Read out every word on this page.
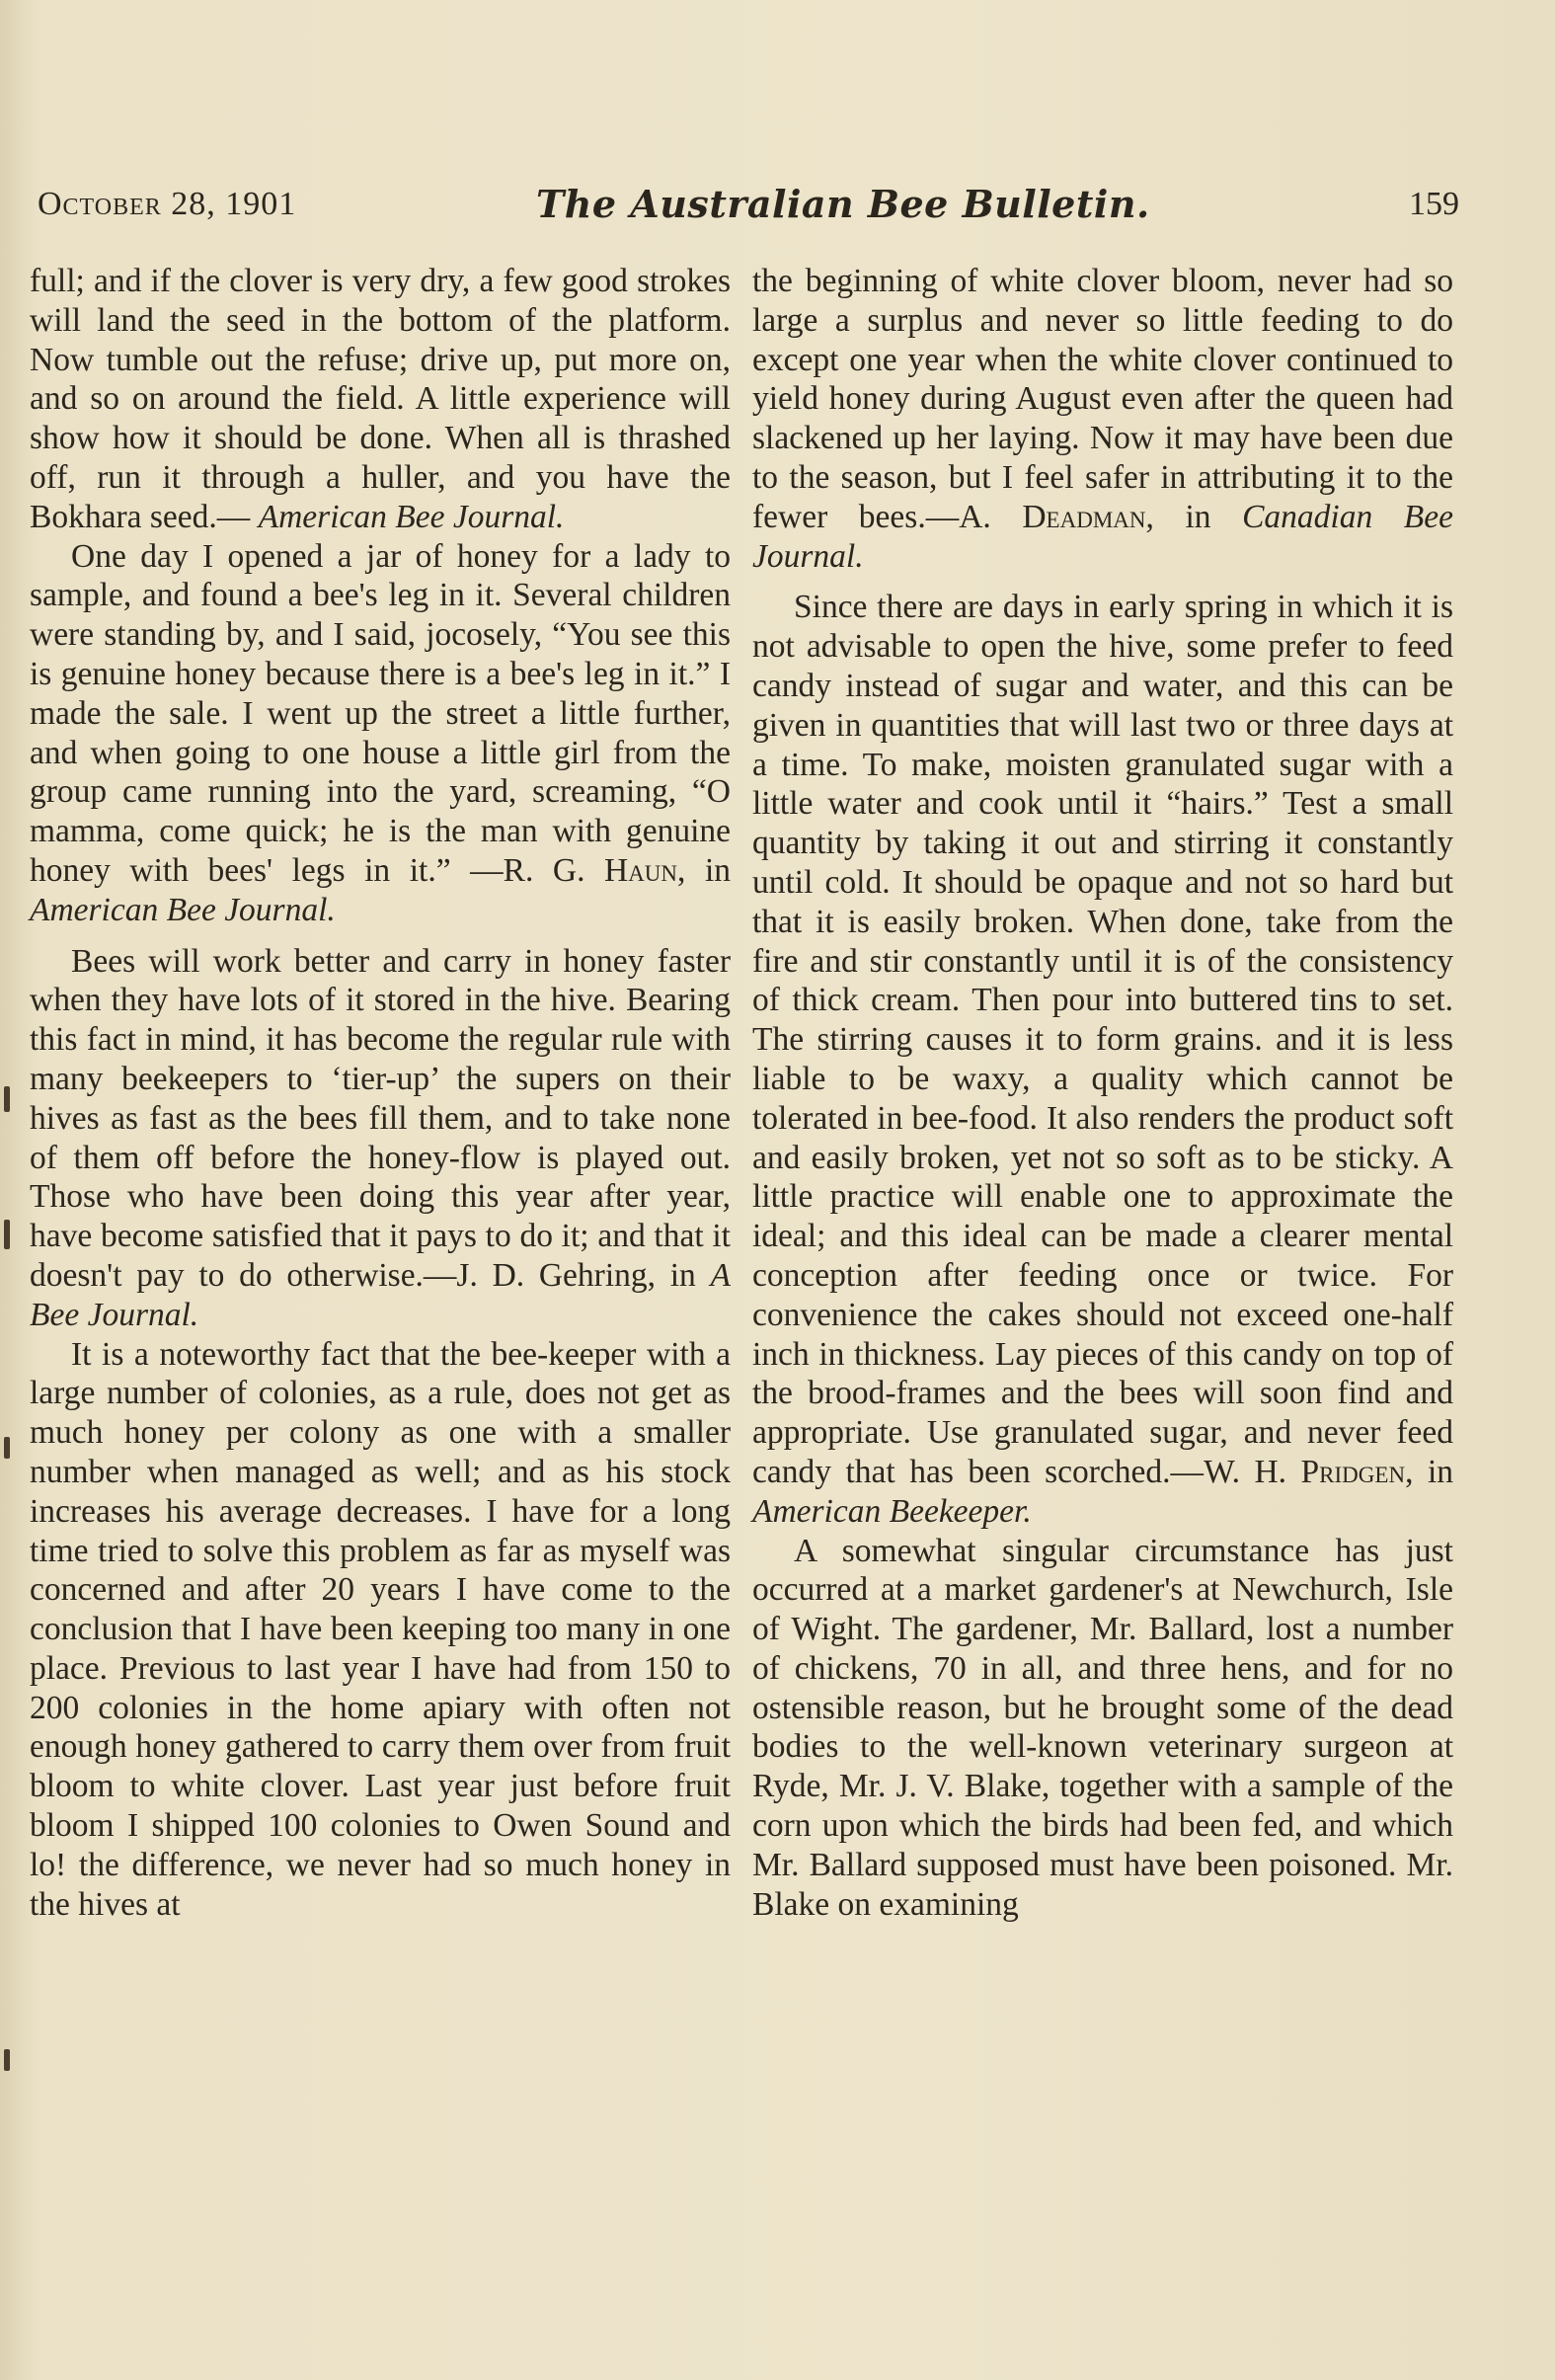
October 28, 1901	The Australian Bee Bulletin.	159

full; and if the clover is very dry, a few good strokes will land the seed in the bottom of the platform. Now tumble out the refuse; drive up, put more on, and so on around the field. A little experience will show how it should be done. When all is thrashed off, run it through a huller, and you have the Bokhara seed.— American Bee Journal.

One day I opened a jar of honey for a lady to sample, and found a bee's leg in it. Several children were standing by, and I said, jocosely, “You see this is genuine honey because there is a bee's leg in it.” I made the sale. I went up the street a little further, and when going to one house a little girl from the group came running into the yard, screaming, “O mamma, come quick; he is the man with genuine honey with bees' legs in it.” —R. G. Haun, in American Bee Journal.

Bees will work better and carry in honey faster when they have lots of it stored in the hive. Bearing this fact in mind, it has become the regular rule with many beekeepers to ‘tier-up’ the supers on their hives as fast as the bees fill them, and to take none of them off before the honey-flow is played out. Those who have been doing this year after year, have become satisfied that it pays to do it; and that it doesn't pay to do otherwise.—J. D. Gehring, in A Bee Journal.

It is a noteworthy fact that the bee-keeper with a large number of colonies, as a rule, does not get as much honey per colony as one with a smaller number when managed as well; and as his stock increases his average decreases. I have for a long time tried to solve this problem as far as myself was concerned and after 20 years I have come to the conclusion that I have been keeping too many in one place. Previous to last year I have had from 150 to 200 colonies in the home apiary with often not enough honey gathered to carry them over from fruit bloom to white clover. Last year just before fruit bloom I shipped 100 colonies to Owen Sound and lo! the difference, we never had so much honey in the hives at

the beginning of white clover bloom, never had so large a surplus and never so little feeding to do except one year when the white clover continued to yield honey during August even after the queen had slackened up her laying. Now it may have been due to the season, but I feel safer in attributing it to the fewer bees.—A. Deadman, in Canadian Bee Journal.

Since there are days in early spring in which it is not advisable to open the hive, some prefer to feed candy instead of sugar and water, and this can be given in quantities that will last two or three days at a time. To make, moisten granulated sugar with a little water and cook until it “hairs.” Test a small quantity by taking it out and stirring it constantly until cold. It should be opaque and not so hard but that it is easily broken. When done, take from the fire and stir constantly until it is of the consistency of thick cream. Then pour into buttered tins to set. The stirring causes it to form grains. and it is less liable to be waxy, a quality which cannot be tolerated in bee-food. It also renders the product soft and easily broken, yet not so soft as to be sticky. A little practice will enable one to approximate the ideal; and this ideal can be made a clearer mental conception after feeding once or twice. For convenience the cakes should not exceed one-half inch in thickness. Lay pieces of this candy on top of the brood-frames and the bees will soon find and appropriate. Use granulated sugar, and never feed candy that has been scorched.—W. H. Pridgen, in American Beekeeper.

A somewhat singular circumstance has just occurred at a market gardener's at Newchurch, Isle of Wight. The gardener, Mr. Ballard, lost a number of chickens, 70 in all, and three hens, and for no ostensible reason, but he brought some of the dead bodies to the well-known veterinary surgeon at Ryde, Mr. J. V. Blake, together with a sample of the corn upon which the birds had been fed, and which Mr. Ballard supposed must have been poisoned. Mr. Blake on examining
